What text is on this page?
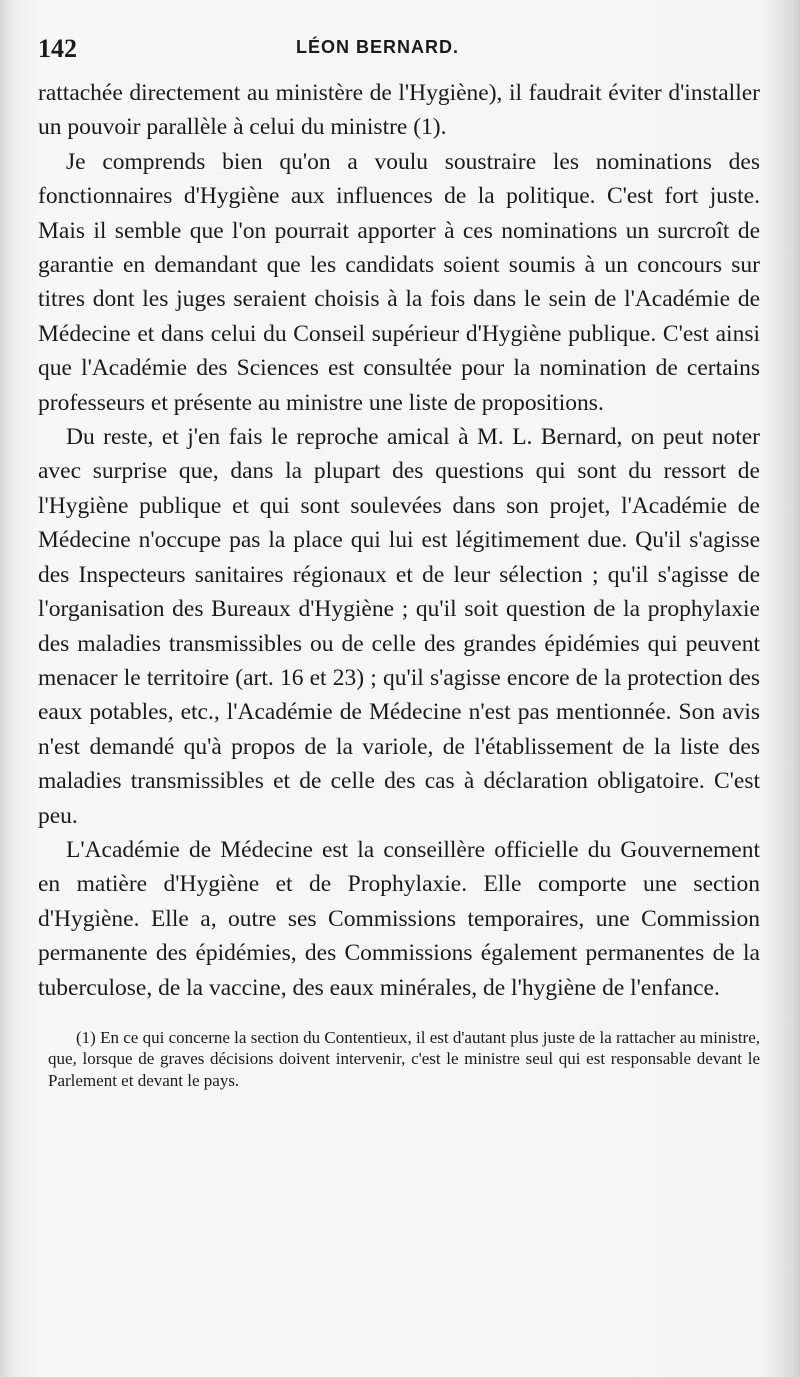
142	LÉON BERNARD.

rattachée directement au ministère de l'Hygiène), il faudrait éviter d'installer un pouvoir parallèle à celui du ministre (1).

Je comprends bien qu'on a voulu soustraire les nominations des fonctionnaires d'Hygiène aux influences de la politique. C'est fort juste. Mais il semble que l'on pourrait apporter à ces nominations un surcroît de garantie en demandant que les candidats soient soumis à un concours sur titres dont les juges seraient choisis à la fois dans le sein de l'Académie de Médecine et dans celui du Conseil supérieur d'Hygiène publique. C'est ainsi que l'Académie des Sciences est consultée pour la nomination de certains professeurs et présente au ministre une liste de propositions.

Du reste, et j'en fais le reproche amical à M. L. Bernard, on peut noter avec surprise que, dans la plupart des questions qui sont du ressort de l'Hygiène publique et qui sont soulevées dans son projet, l'Académie de Médecine n'occupe pas la place qui lui est légitimement due. Qu'il s'agisse des Inspecteurs sanitaires régionaux et de leur sélection ; qu'il s'agisse de l'organisation des Bureaux d'Hygiène ; qu'il soit question de la prophylaxie des maladies transmissibles ou de celle des grandes épidémies qui peuvent menacer le territoire (art. 16 et 23) ; qu'il s'agisse encore de la protection des eaux potables, etc., l'Académie de Médecine n'est pas mentionnée. Son avis n'est demandé qu'à propos de la variole, de l'établissement de la liste des maladies transmissibles et de celle des cas à déclaration obligatoire. C'est peu.

L'Académie de Médecine est la conseillère officielle du Gouvernement en matière d'Hygiène et de Prophylaxie. Elle comporte une section d'Hygiène. Elle a, outre ses Commissions temporaires, une Commission permanente des épidémies, des Commissions également permanentes de la tuberculose, de la vaccine, des eaux minérales, de l'hygiène de l'enfance.

(1) En ce qui concerne la section du Contentieux, il est d'autant plus juste de la rattacher au ministre, que, lorsque de graves décisions doivent intervenir, c'est le ministre seul qui est responsable devant le Parlement et devant le pays.
